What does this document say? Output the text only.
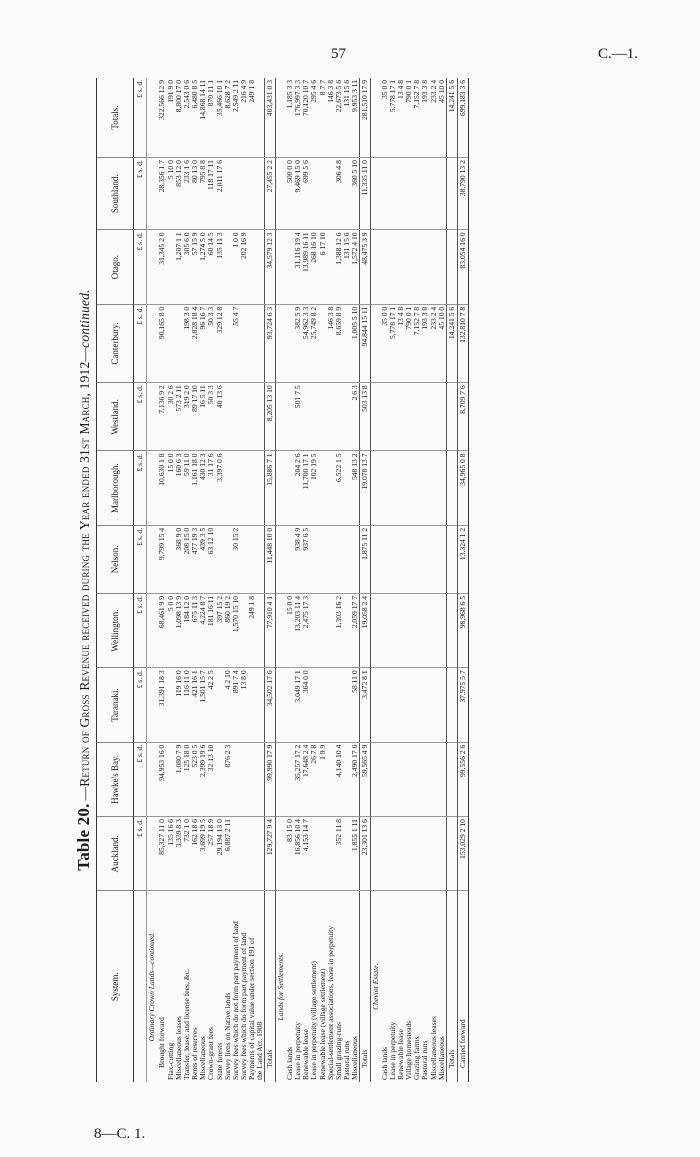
57	C.—1.
8—C. 1.
Table 20.—Return of Gross Revenue received during the Year ended 31st March, 1912—continued.
System.	Auckland.	Hawke's Bay.	Taranaki.	Wellington.	Nelson.	Marlborough.	Westland.	Canterbury.	Otago.	Southland.	Totals.
	£ s. d.	£ s. d.	£ s. d.	£ s. d.	£ s. d.	£ s. d.	£ s. d.	£ s. d.	£ s. d.	£ s. d.	£ s. d.
Ordinary Crown Lands—continued.											
Brought forward	85,327 11 0	94,953 16 0	31,391 18 3	68,461 9 9	9,799 15 4	10,630 1 8	7,136 9 2	90,165 8 0	31,345 2 0	28,356 1 7	322,566 12 9
Flax-cutting	135 16 6			5 0 0		15 0 0	30 2 6			5 10 0	191 9 0
Miscellaneous leases	3,339 8 3	1,080 7 9	119 16 0	1,098 13 9	368 9 0	160 6 3	573 2 11		1,207 1 1	853 12 0	8,800 17 0
Transfer, lease, and license fees, &c.	732 1 0	125 18 0	116 11 0	184 12 0	208 15 0	59 11 0	319 2 0	198 3 0	305 6 0	233 1 6	2,543 0 6
Rents of reserves	162 18 6	523 0 5	421 16 1	675 11 3	477 19 3	1,161 18 0	89 17 10	2,828 18 4	57 15 9	80 13 0	6,480 8 5
Miscellaneous	3,699 19 5	2,399 19 6	1,501 15 7	4,224 8 7	439 3 5	430 12 3	16 5 11	96 16 7	1,274 5 0	795 8 8	14,868 14 11
Crown-grant fees	257 18 9	32 13 10	42 2 5	181 16 11	63 12 10	31 17 6	50 3 3	50 3 3	60 14 5	118 17 11	870 11 1
State forests	29,194 13 0			397 15 2		3,397 0 6	40 13 6	329 12 8	135 11 3	2,011 17 6	35,466 10 1
Survey liens on Native lands	6,887 2 11	876 2 3	4 2 10	860 19 2							8,628 7 2
Survey fees which do not form part payment of land			891 7 4	1,570 15 10	30 15 2			55 4 7	1 0 0		2,549 2 11
Survey fees which do form part payment of land			13 8 0						202 16 9		216 4 9
Payments of capital value under section 191 of				249 1 8							249 1 8
the Land Act, 1908											
Totals	129,727 9 4	99,990 17 9	34,502 17 6	77,910 4 1	11,448 10 0	15,886 7 1	8,205 13 10	93,724 6 3	34,579 12 3	27,455 2 2	403,431 0 3
Lands for Settlements.											
Cash lands	83 15 0			15 0 0						500 0 0	1,185 3 3
Lease in perpetuity	16,856 10 4	35,257 17 2	3,049 17 1	13,203 11 4	938 4 9	204 2 6	501 7 5	382 5 9	31,116 19 4	9,469 15 0	176,997 3 3
Renewable lease	4,153 14 7	17,648 2 4	364 0 0	2,475 17 3	937 6 5	11,700 17 1		54,962 3 3	13,989 16 11	699 5 6	70,120 10 7
Lease in perpetuity (village settlement)		26 7 8				102 19 5		25,749 8 2	268 16 10		295 4 6
Renewable lease (village settlement)		1 9 9							6 17 10		8 7 7
Special-settlement associations, lease in perpetuity								146 3 8			146 3 8
Small grazing-runs	352 11 8	4,140 10 4		1,303 16 2		6,522 1 5		8,659 8 9	1,388 12 6	306 4 8	22,673 5 6
Pastoral runs									131 15 6		131 15 6
Miscellaneous	1,855 1 11	2,490 17 6	58 11 0	2,059 17 7		548 13 2	2 6 3	1,005 5 10	1,572 4 10	360 5 10	9,953 3 11
Totals	23,301 13 6	59,565 4 9	3,472 8 1	19,058 2 4	1,875 11 2	19,078 13 7	503 13 8	94,844 15 11	48,475 3 9	11,335 11 0	281,510 17 9
Cheviot Estate.											
Cash lands								35 0 0			35 0 0
Lease in perpetuity								5,778 17 1			5,778 17 1
Renewable lease								13 4 8			13 4 8
Village homesteads								790 0 1			790 0 1
Grazing farms								7,152 7 8			7,152 7 8
Pastoral runs								193 3 8			193 3 8
Miscellaneous leases								233 2 4			233 2 4
Miscellaneous								45 10 0			45 10 0
Totals								14,241 5 6			14,241 5 6
Carried forward	153,029 2 10	99,556 2 6	37,975 5 7	96,968 6 5	13,324 1 2	34,965 0 8	8,709 7 6	132,810 7 8	83,054 16 0	38,790 13 2	699,183 3 6
